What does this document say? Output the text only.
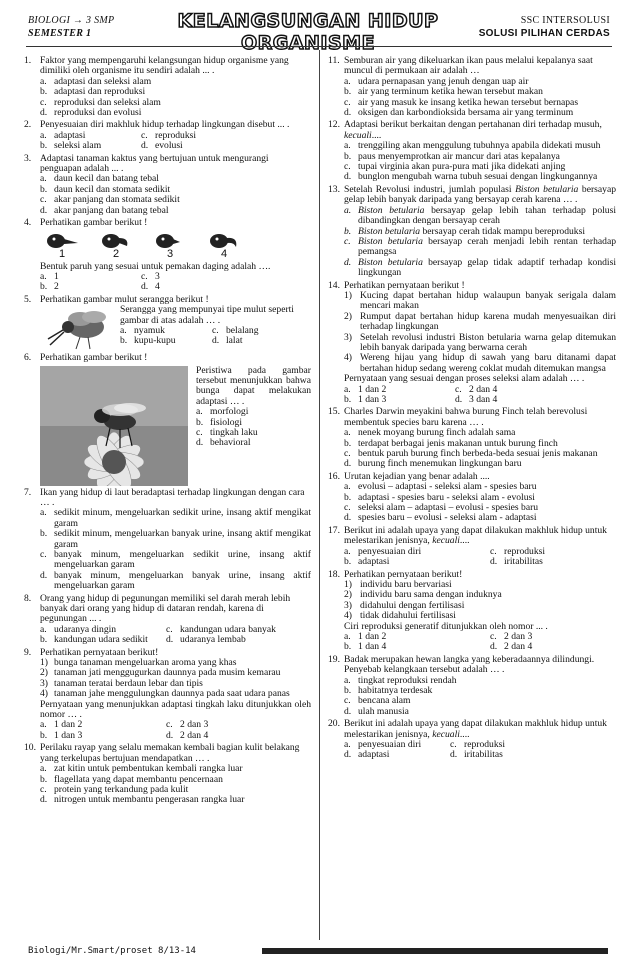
BIOLOGI → 3 SMP
SEMESTER 1
KELANGSUNGAN HIDUP ORGANISME
SSC INTERSOLUSI
SOLUSI PILIHAN CERDAS
1. Faktor yang mempengaruhi kelangsungan hidup organisme yang dimiliki oleh organisme itu sendiri adalah ... .
a. adaptasi dan seleksi alam
b. adaptasi dan reproduksi
c. reproduksi dan seleksi alam
d. reproduksi dan evolusi
2. Penyesuaian diri makhluk hidup terhadap lingkungan disebut ... .
a. adaptasi	c. reproduksi
b. seleksi alam	d. evolusi
3. Adaptasi tanaman kaktus yang bertujuan untuk mengurangi penguapan adalah ... .
a. daun kecil dan batang tebal
b. daun kecil dan stomata sedikit
c. akar panjang dan stomata sedikit
d. akar panjang dan batang tebal
4. Perhatikan gambar berikut !
1	2	3	4
Bentuk paruh yang sesuai untuk pemakan daging adalah ….
a. 1	c. 3
b. 2	d. 4
5. Perhatikan gambar mulut serangga berikut !
Serangga yang mempunyai tipe mulut seperti gambar di atas adalah … .
a. nyamuk	c. belalang
b. kupu-kupu	d. lalat
6. Perhatikan gambar berikut !
Peristiwa pada gambar tersebut menunjukkan bahwa bunga dapat melakukan adaptasi … .
a. morfologi
b. fisiologi
c. tingkah laku
d. behavioral
7. Ikan yang hidup di laut beradaptasi terhadap lingkungan dengan cara … .
a. sedikit minum, mengeluarkan sedikit urine, insang aktif mengikat garam
b. sedikit minum, mengeluarkan banyak urine, insang aktif mengikat garam
c. banyak minum, mengeluarkan sedikit urine, insang aktif mengeluarkan garam
d. banyak minum, mengeluarkan banyak urine, insang aktif mengeluarkan garam
8. Orang yang hidup di pegunungan memiliki sel darah merah lebih banyak dari orang yang hidup di dataran rendah, karena di pegunungan ... .
a. udaranya dingin	c. kandungan udara banyak
b. kandungan udara sedikit	d. udaranya lembab
9. Perhatikan pernyataan berikut!
1) bunga tanaman mengeluarkan aroma yang khas
2) tanaman jati menggugurkan daunnya pada musim kemarau
3) tanaman teratai berdaun lebar dan tipis
4) tanaman jahe menggulungkan daunnya pada saat udara panas
Pernyataan yang menunjukkan adaptasi tingkah laku ditunjukkan oleh nomor … .
a. 1 dan 2	c. 2 dan 3
b. 1 dan 3	d. 2 dan 4
10. Perilaku rayap yang selalu memakan kembali bagian kulit belakang yang terkelupas bertujuan mendapatkan … .
a. zat kitin untuk pembentukan kembali rangka luar
b. flagellata yang dapat membantu pencernaan
c. protein yang terkandung pada kulit
d. nitrogen untuk membantu pengerasan rangka luar
11. Semburan air yang dikeluarkan ikan paus melalui kepalanya saat muncul di permukaan air adalah …
a. udara pernapasan yang jenuh dengan uap air
b. air yang terminum ketika hewan tersebut makan
c. air yang masuk ke insang ketika hewan tersebut bernapas
d. oksigen dan karbondioksida bersama air yang terminum
12. Adaptasi berikut berkaitan dengan pertahanan diri terhadap musuh, kecuali....
a. trenggiling akan menggulung tubuhnya apabila didekati musuh
b. paus menyemprotkan air mancur dari atas kepalanya
c. tupai virginia akan pura-pura mati jika didekati anjing
d. bunglon mengubah warna tubuh sesuai dengan lingkungannya
13. Setelah Revolusi industri, jumlah populasi Biston betularia bersayap gelap lebih banyak daripada yang bersayap cerah karena … .
a. Biston betularia bersayap gelap lebih tahan terhadap polusi dibandingkan dengan bersayap cerah
b. Biston betularia bersayap cerah tidak mampu bereproduksi
c. Biston betularia bersayap cerah menjadi lebih rentan terhadap pemangsa
d. Biston betularia bersayap gelap tidak adaptif terhadap kondisi lingkungan
14. Perhatikan pernyataan berikut !
1) Kucing dapat bertahan hidup walaupun banyak serigala dalam mencari makan
2) Rumput dapat bertahan hidup karena mudah menyesuaikan diri terhadap lingkungan
3) Setelah revolusi industri Biston betularia warna gelap ditemukan lebih banyak daripada yang berwarna cerah
4) Wereng hijau yang hidup di sawah yang baru ditanami dapat bertahan hidup sedang wereng coklat mudah ditemukan mangsa
Pernyataan yang sesuai dengan proses seleksi alam adalah … .
a. 1 dan 2	c. 2 dan 4
b. 1 dan 3	d. 3 dan 4
15. Charles Darwin meyakini bahwa burung Finch telah berevolusi membentuk species baru karena … .
a. nenek moyang burung finch adalah sama
b. terdapat berbagai jenis makanan untuk burung finch
c. bentuk paruh burung finch berbeda-beda sesuai jenis makanan
d. burung finch menemukan lingkungan baru
16. Urutan kejadian yang benar adalah ....
a. evolusi – adaptasi - seleksi alam - spesies baru
b. adaptasi - spesies baru - seleksi alam - evolusi
c. seleksi alam – adaptasi – evolusi - spesies baru
d. spesies baru – evolusi - seleksi alam - adaptasi
17. Berikut ini adalah upaya yang dapat dilakukan makhluk hidup untuk melestarikan jenisnya, kecuali....
a. penyesuaian diri	c. reproduksi
b. adaptasi	d. iritabilitas
18. Perhatikan pernyataan berikut!
1) individu baru bervariasi
2) individu baru sama dengan induknya
3) didahului dengan fertilisasi
4) tidak didahului fertilisasi
Ciri reproduksi generatif ditunjukkan oleh nomor ... .
a. 1 dan 2	c. 2 dan 3
b. 1 dan 4	d. 2 dan 4
19. Badak merupakan hewan langka yang keberadaannya dilindungi. Penyebab kelangkaan tersebut adalah … .
a. tingkat reproduksi rendah
b. habitatnya terdesak
c. bencana alam
d. ulah manusia
20. Berikut ini adalah upaya yang dapat dilakukan makhluk hidup untuk melestarikan jenisnya, kecuali....
a. penyesuaian diri	c. reproduksi
d. adaptasi	d. iritabilitas
Biologi/Mr.Smart/proset 8/13-14
